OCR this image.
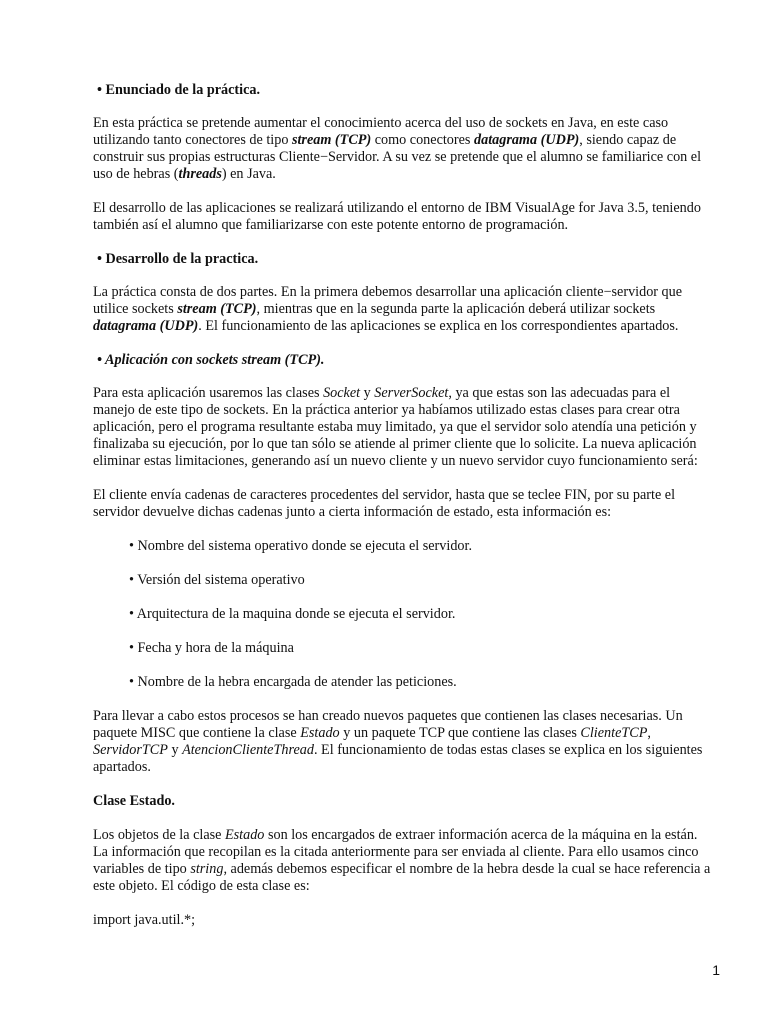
• Enunciado de la práctica.

En esta práctica se pretende aumentar el conocimiento acerca del uso de sockets en Java, en este caso utilizando tanto conectores de tipo stream (TCP) como conectores datagrama (UDP), siendo capaz de construir sus propias estructuras Cliente−Servidor. A su vez se pretende que el alumno se familiarice con el uso de hebras (threads) en Java.

El desarrollo de las aplicaciones se realizará utilizando el entorno de IBM VisualAge for Java 3.5, teniendo también así el alumno que familiarizarse con este potente entorno de programación.

• Desarrollo de la practica.

La práctica consta de dos partes. En la primera debemos desarrollar una aplicación cliente−servidor que utilice sockets stream (TCP), mientras que en la segunda parte la aplicación deberá utilizar sockets datagrama (UDP). El funcionamiento de las aplicaciones se explica en los correspondientes apartados.

• Aplicación con sockets stream (TCP).

Para esta aplicación usaremos las clases Socket y ServerSocket, ya que estas son las adecuadas para el manejo de este tipo de sockets. En la práctica anterior ya habíamos utilizado estas clases para crear otra aplicación, pero el programa resultante estaba muy limitado, ya que el servidor solo atendía una petición y finalizaba su ejecución, por lo que tan sólo se atiende al primer cliente que lo solicite. La nueva aplicación eliminar estas limitaciones, generando así un nuevo cliente y un nuevo servidor cuyo funcionamiento será:

El cliente envía cadenas de caracteres procedentes del servidor, hasta que se teclee FIN, por su parte el servidor devuelve dichas cadenas junto a cierta información de estado, esta información es:

• Nombre del sistema operativo donde se ejecuta el servidor.
• Versión del sistema operativo
• Arquitectura de la maquina donde se ejecuta el servidor.
• Fecha y hora de la máquina
• Nombre de la hebra encargada de atender las peticiones.

Para llevar a cabo estos procesos se han creado nuevos paquetes que contienen las clases necesarias. Un paquete MISC que contiene la clase Estado y un paquete TCP que contiene las clases ClienteTCP, ServidorTCP y AtencionClienteThread. El funcionamiento de todas estas clases se explica en los siguientes apartados.

Clase Estado.

Los objetos de la clase Estado son los encargados de extraer información acerca de la máquina en la están. La información que recopilan es la citada anteriormente para ser enviada al cliente. Para ello usamos cinco variables de tipo string, además debemos especificar el nombre de la hebra desde la cual se hace referencia a este objeto. El código de esta clase es:

import java.util.*;

1
